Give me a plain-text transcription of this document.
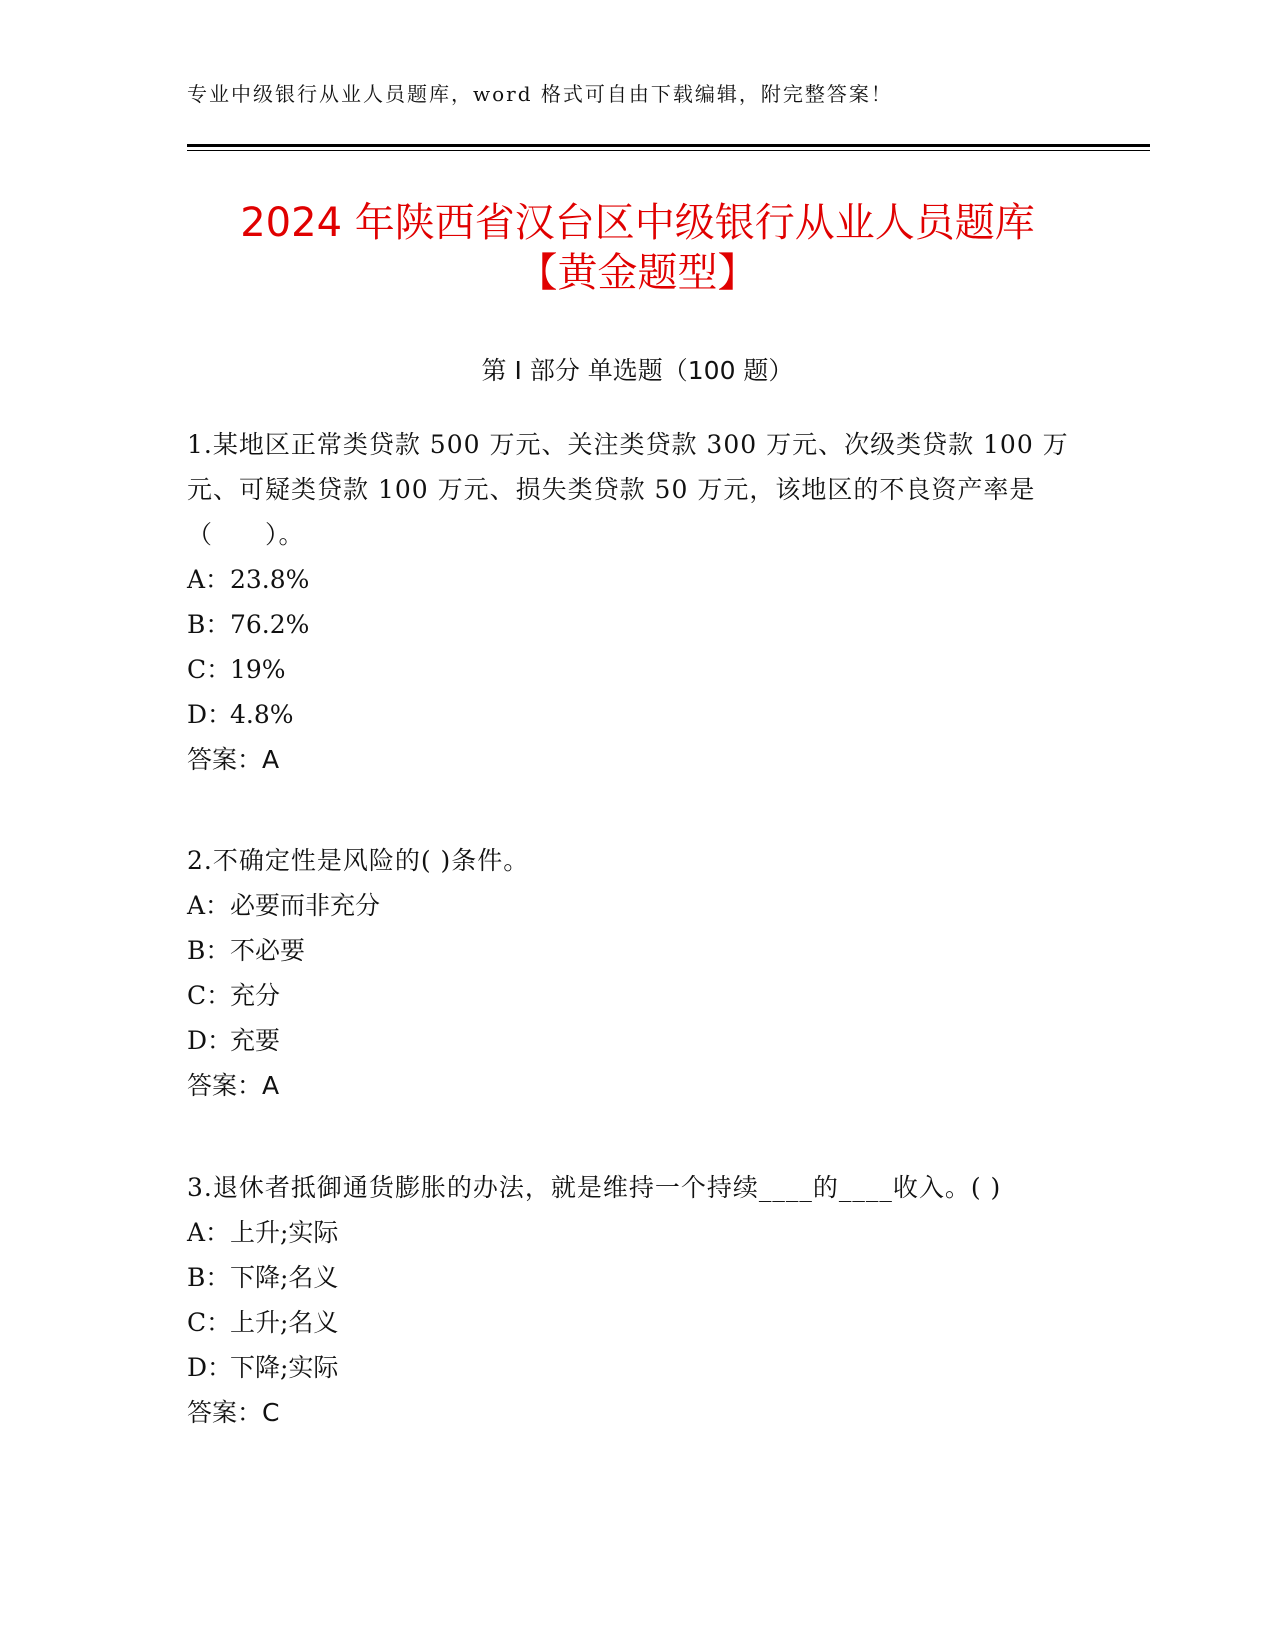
专业中级银行从业人员题库，word 格式可自由下载编辑，附完整答案！
2024 年陕西省汉台区中级银行从业人员题库
【黄金题型】
第 I 部分 单选题（100 题）
1.某地区正常类贷款 500 万元、关注类贷款 300 万元、次级类贷款 100 万元、可疑类贷款 100 万元、损失类贷款 50 万元，该地区的不良资产率是（　　）。
A：23.8%
B：76.2%
C：19%
D：4.8%
答案：A
2.不确定性是风险的( )条件。
A：必要而非充分
B：不必要
C：充分
D：充要
答案：A
3.退休者抵御通货膨胀的办法，就是维持一个持续____的____收入。( )
A：上升;实际
B：下降;名义
C：上升;名义
D：下降;实际
答案：C
